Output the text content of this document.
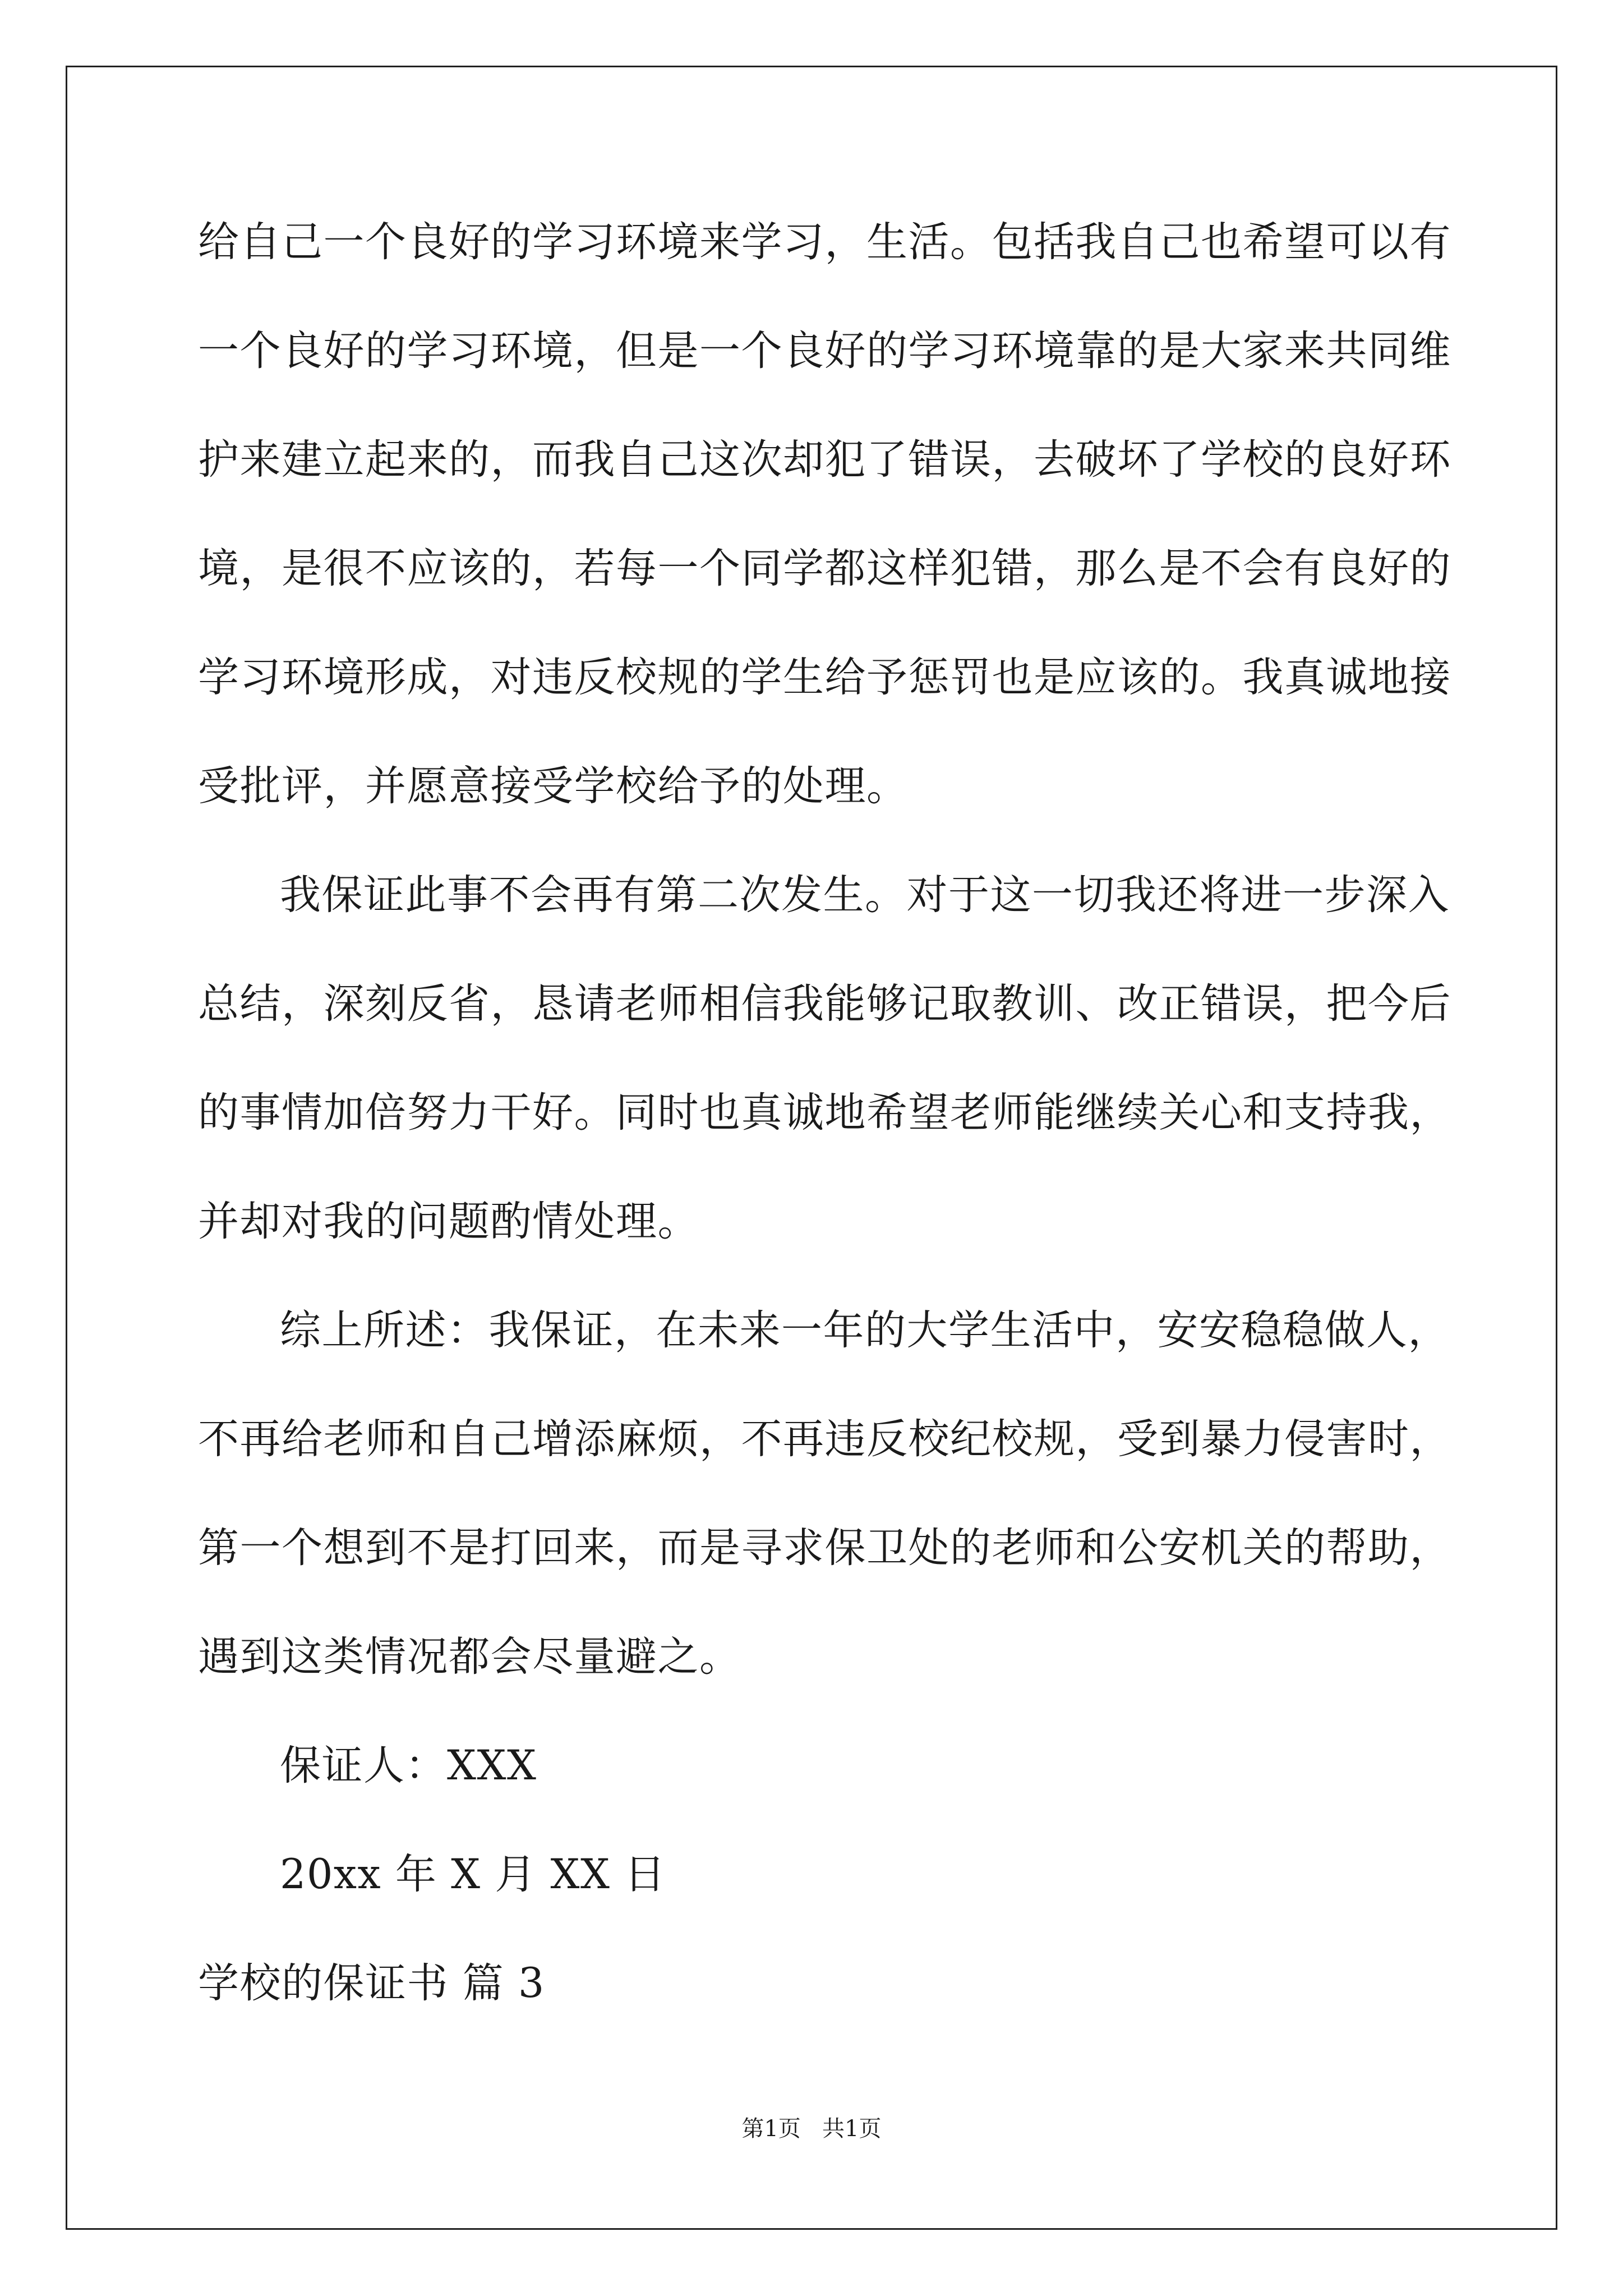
给自己一个良好的学习环境来学习，生活。包括我自己也希望可以有
一个良好的学习环境，但是一个良好的学习环境靠的是大家来共同维
护来建立起来的，而我自己这次却犯了错误，去破坏了学校的良好环
境，是很不应该的，若每一个同学都这样犯错，那么是不会有良好的
学习环境形成，对违反校规的学生给予惩罚也是应该的。我真诚地接
受批评，并愿意接受学校给予的处理。
我保证此事不会再有第二次发生。对于这一切我还将进一步深入
总结，深刻反省，恳请老师相信我能够记取教训、改正错误，把今后
的事情加倍努力干好。同时也真诚地希望老师能继续关心和支持我，
并却对我的问题酌情处理。
综上所述：我保证，在未来一年的大学生活中，安安稳稳做人，
不再给老师和自己增添麻烦，不再违反校纪校规，受到暴力侵害时，
第一个想到不是打回来，而是寻求保卫处的老师和公安机关的帮助，
遇到这类情况都会尽量避之。
保证人：XXX
20xx 年 X 月 XX 日
学校的保证书 篇 3
第1页   共1页
